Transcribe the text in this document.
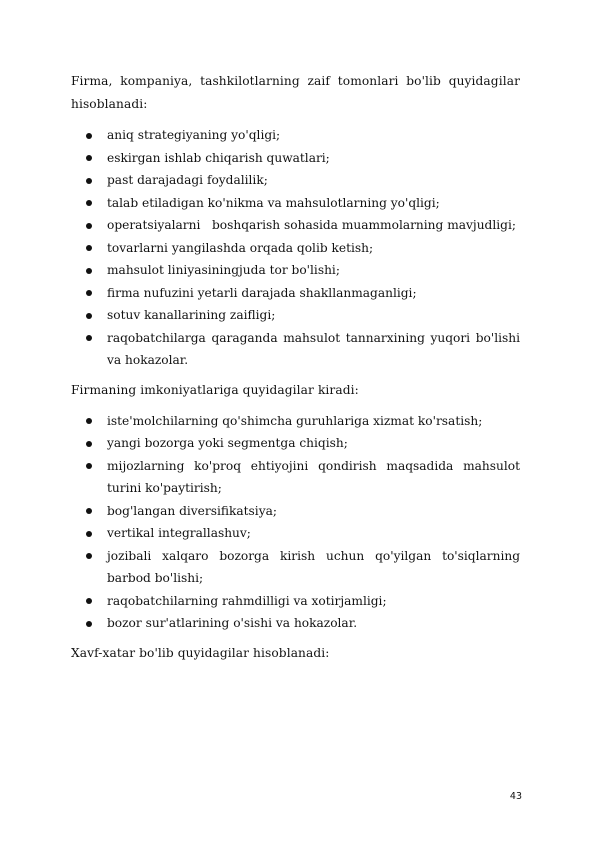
Firma, kompaniya, tashkilotlarning zaif tomonlari bo'lib quyidagilar
hisoblanadi:

aniq strategiyaning yo'qligi;
eskirgan ishlab chiqarish quwatlari;
past darajadagi foydalilik;
talab etiladigan ko'nikma va mahsulotlarning yo'qligi;
operatsiyalarni   boshqarish sohasida muammolarning mavjudligi;
tovarlarni yangilashda orqada qolib ketish;
mahsulot liniyasiningjuda tor bo'lishi;
firma nufuzini yetarli darajada shakllanmaganligi;
sotuv kanallarining zaifligi;
raqobatchilarga qaraganda mahsulot tannarxining yuqori bo'lishi va hokazolar.

Firmaning imkoniyatlariga quyidagilar kiradi:

iste'molchilarning qo'shimcha guruhlariga xizmat ko'rsatish;
yangi bozorga yoki segmentga chiqish;
mijozlarning ko'proq ehtiyojini qondirish maqsadida mahsulot turini ko'paytirish;
bog'langan diversifikatsiya;
vertikal integrallashuv;
jozibali xalqaro bozorga kirish uchun qo'yilgan to'siqlarning barbod bo'lishi;
raqobatchilarning rahmdilligi va xotirjamligi;
bozor sur'atlarining o'sishi va hokazolar.

Xavf-xatar bo'lib quyidagilar hisoblanadi:

43
